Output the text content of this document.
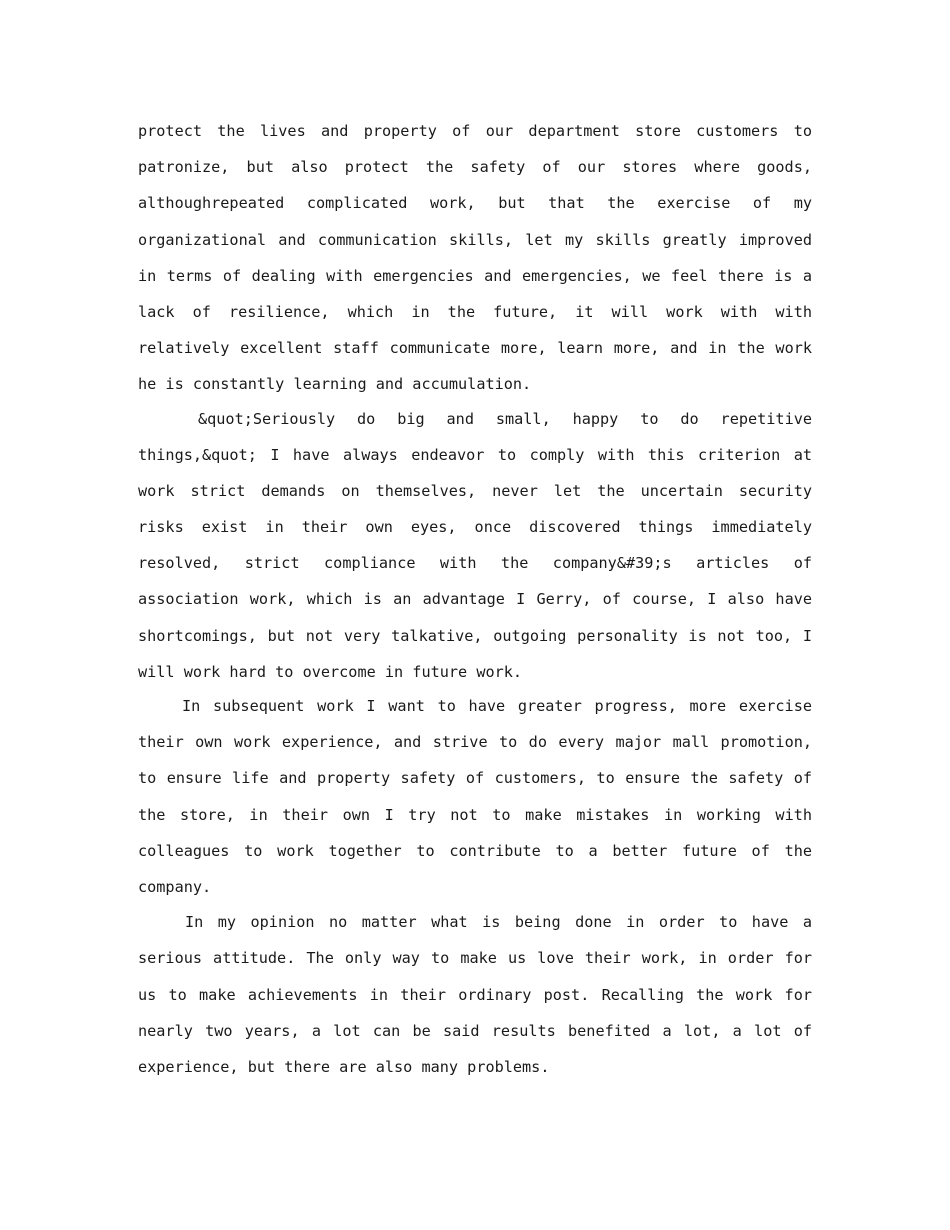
protect the lives and property of our department store customers to
patronize, but also protect the safety of our stores where goods,
althoughrepeated complicated work, but that the exercise of my
organizational and communication skills, let my skills greatly improved
in terms of dealing with emergencies and emergencies, we feel there is a
lack of resilience, which in the future, it will work with with
relatively excellent staff communicate more, learn more, and in the work
he is constantly learning and accumulation.
&quot;Seriously do big and small, happy to do repetitive
things,&quot; I have always endeavor to comply with this criterion at
work strict demands on themselves, never let the uncertain security
risks exist in their own eyes, once discovered things immediately
resolved, strict compliance with the company&#39;s articles of
association work, which is an advantage I Gerry, of course, I also have
shortcomings, but not very talkative, outgoing personality is not too, I
will work hard to overcome in future work.
In subsequent work I want to have greater progress, more exercise
their own work experience, and strive to do every major mall promotion,
to ensure life and property safety of customers, to ensure the safety of
the store, in their own I try not to make mistakes in working with
colleagues to work together to contribute to a better future of the
company.
In my opinion no matter what is being done in order to have a
serious attitude. The only way to make us love their work, in order for
us to make achievements in their ordinary post. Recalling the work for
nearly two years, a lot can be said results benefited a lot, a lot of
experience, but there are also many problems.
